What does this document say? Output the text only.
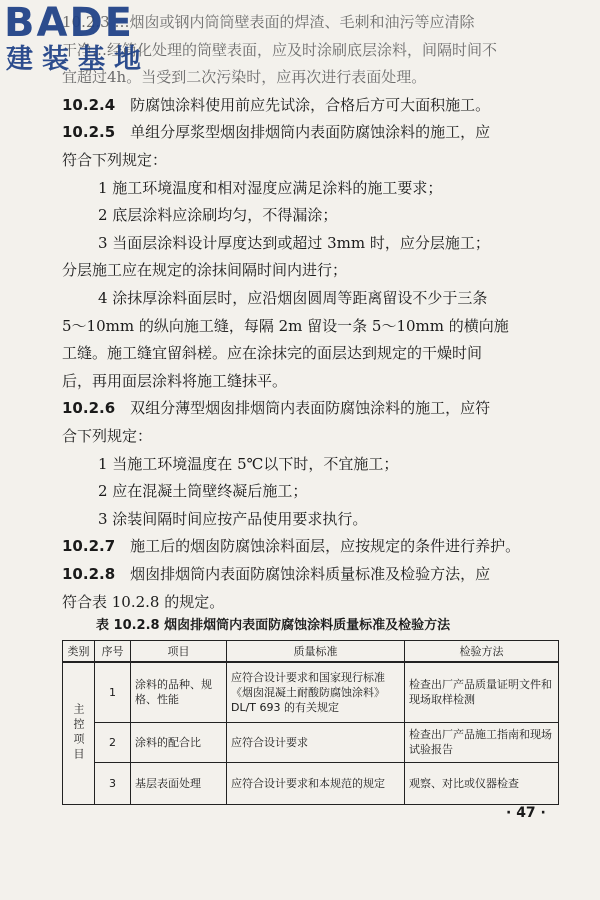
BADE
建装基地
10.2.3 …烟囱或钢内筒筒壁表面的焊渣、毛刺和油污等应清除
干净…经简化处理的筒壁表面，应及时涂刷底层涂料，间隔时间不
宜超过4h。当受到二次污染时，应再次进行表面处理。
10.2.4  防腐蚀涂料使用前应先试涂，合格后方可大面积施工。
10.2.5  单组分厚浆型烟囱排烟筒内表面防腐蚀涂料的施工，应
符合下列规定：
1 施工环境温度和相对湿度应满足涂料的施工要求；
2 底层涂料应涂刷均匀，不得漏涂；
3 当面层涂料设计厚度达到或超过 3mm 时，应分层施工；
分层施工应在规定的涂抹间隔时间内进行；
4 涂抹厚涂料面层时，应沿烟囱圆周等距离留设不少于三条
5～10mm 的纵向施工缝，每隔 2m 留设一条 5～10mm 的横向施
工缝。施工缝宜留斜槎。应在涂抹完的面层达到规定的干燥时间
后，再用面层涂料将施工缝抹平。
10.2.6  双组分薄型烟囱排烟筒内表面防腐蚀涂料的施工，应符
合下列规定：
1 当施工环境温度在 5℃以下时，不宜施工；
2 应在混凝土筒壁终凝后施工；
3 涂装间隔时间应按产品使用要求执行。
10.2.7  施工后的烟囱防腐蚀涂料面层，应按规定的条件进行养护。
10.2.8  烟囱排烟筒内表面防腐蚀涂料质量标准及检验方法，应
符合表 10.2.8 的规定。
表 10.2.8 烟囱排烟筒内表面防腐蚀涂料质量标准及检验方法
类别	序号	项目	质量标准	检验方法
主控项目	1	涂料的品种、规格、性能	应符合设计要求和国家现行标准《烟囱混凝土耐酸防腐蚀涂料》DL/T 693 的有关规定	检查出厂产品质量证明文件和现场取样检测
	2	涂料的配合比	应符合设计要求	检查出厂产品施工指南和现场试验报告
	3	基层表面处理	应符合设计要求和本规范的规定	观察、对比或仪器检查
· 47 ·
